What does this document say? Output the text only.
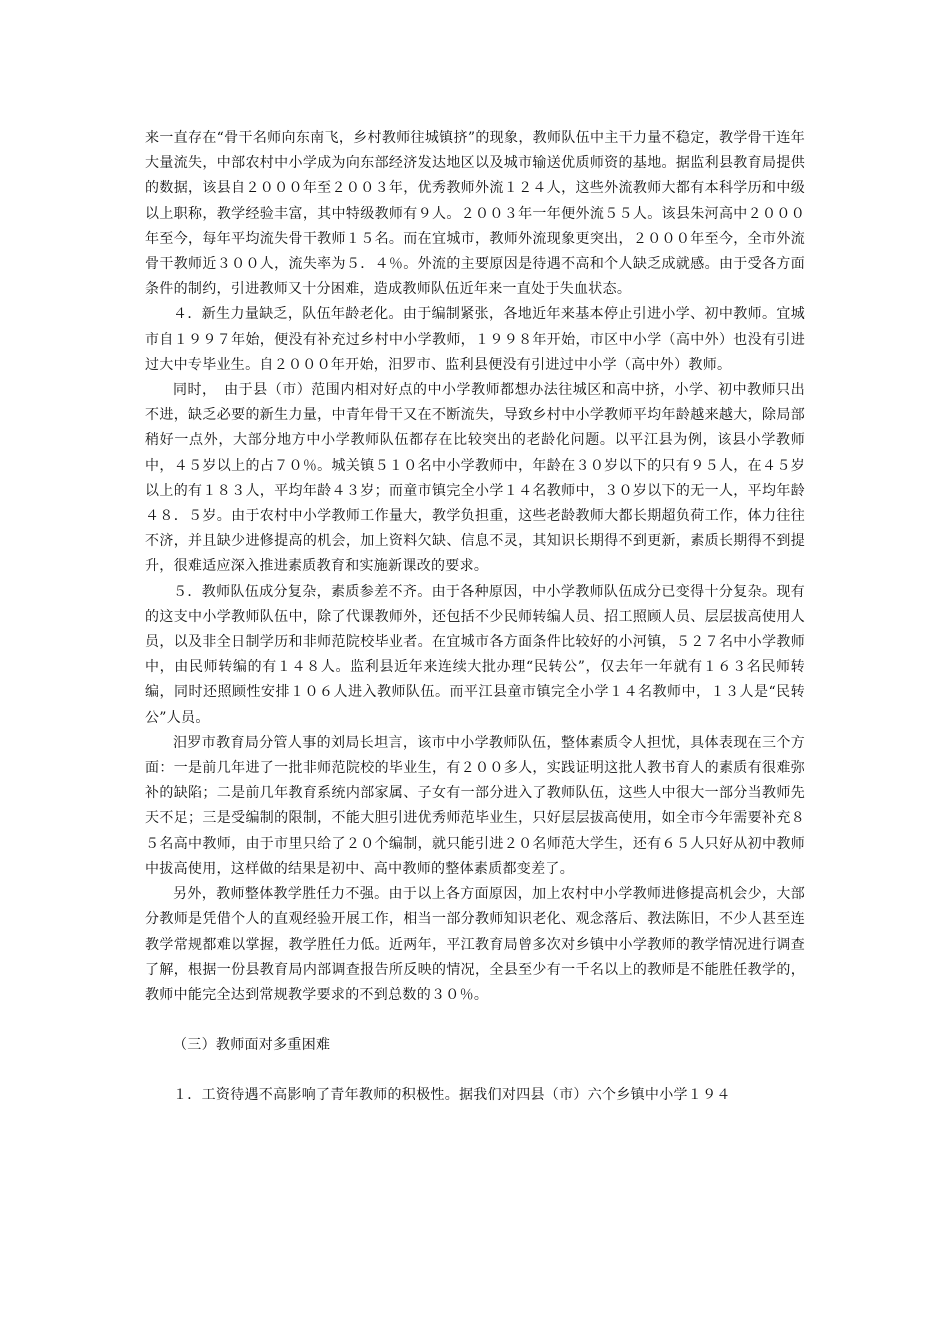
来一直存在“骨干名师向东南飞，乡村教师往城镇挤”的现象，教师队伍中主干力量不稳定，教学骨干连年大量流失，中部农村中小学成为向东部经济发达地区以及城市输送优质师资的基地。据监利县教育局提供的数据，该县自２０００年至２００３年，优秀教师外流１２４人，这些外流教师大都有本科学历和中级以上职称，教学经验丰富，其中特级教师有９人。２００３年一年便外流５５人。该县朱河高中２０００年至今，每年平均流失骨干教师１５名。而在宜城市，教师外流现象更突出，２０００年至今，全市外流骨干教师近３００人，流失率为５．４％。外流的主要原因是待遇不高和个人缺乏成就感。由于受各方面条件的制约，引进教师又十分困难，造成教师队伍近年来一直处于失血状态。

４．新生力量缺乏，队伍年龄老化。由于编制紧张，各地近年来基本停止引进小学、初中教师。宜城市自１９９７年始，便没有补充过乡村中小学教师，１９９８年开始，市区中小学（高中外）也没有引进过大中专毕业生。自２０００年开始，汨罗市、监利县便没有引进过中小学（高中外）教师。

同时，　由于县（市）范围内相对好点的中小学教师都想办法往城区和高中挤，小学、初中教师只出不进，缺乏必要的新生力量，中青年骨干又在不断流失，导致乡村中小学教师平均年龄越来越大，除局部稍好一点外，大部分地方中小学教师队伍都存在比较突出的老龄化问题。以平江县为例，该县小学教师中，４５岁以上的占７０％。城关镇５１０名中小学教师中，年龄在３０岁以下的只有９５人，在４５岁以上的有１８３人，平均年龄４３岁；而童市镇完全小学１４名教师中，３０岁以下的无一人，平均年龄４８．５岁。由于农村中小学教师工作量大，教学负担重，这些老龄教师大都长期超负荷工作，体力往往不济，并且缺少进修提高的机会，加上资料欠缺、信息不灵，其知识长期得不到更新，素质长期得不到提升，很难适应深入推进素质教育和实施新课改的要求。

５．教师队伍成分复杂，素质参差不齐。由于各种原因，中小学教师队伍成分已变得十分复杂。现有的这支中小学教师队伍中，除了代课教师外，还包括不少民师转编人员、招工照顾人员、层层拔高使用人员，以及非全日制学历和非师范院校毕业者。在宜城市各方面条件比较好的小河镇，５２７名中小学教师中，由民师转编的有１４８人。监利县近年来连续大批办理“民转公”，仅去年一年就有１６３名民师转编，同时还照顾性安排１０６人进入教师队伍。而平江县童市镇完全小学１４名教师中，１３人是“民转公”人员。

汨罗市教育局分管人事的刘局长坦言，该市中小学教师队伍，整体素质令人担忧，具体表现在三个方面：一是前几年进了一批非师范院校的毕业生，有２００多人，实践证明这批人教书育人的素质有很难弥补的缺陷；二是前几年教育系统内部家属、子女有一部分进入了教师队伍，这些人中很大一部分当教师先天不足；三是受编制的限制，不能大胆引进优秀师范毕业生，只好层层拔高使用，如全市今年需要补充８５名高中教师，由于市里只给了２０个编制，就只能引进２０名师范大学生，还有６５人只好从初中教师中拔高使用，这样做的结果是初中、高中教师的整体素质都变差了。

另外，教师整体教学胜任力不强。由于以上各方面原因，加上农村中小学教师进修提高机会少，大部分教师是凭借个人的直观经验开展工作，相当一部分教师知识老化、观念落后、教法陈旧，不少人甚至连教学常规都难以掌握，教学胜任力低。近两年，平江教育局曾多次对乡镇中小学教师的教学情况进行调查了解，根据一份县教育局内部调查报告所反映的情况，全县至少有一千名以上的教师是不能胜任教学的，教师中能完全达到常规教学要求的不到总数的３０％。

（三）教师面对多重困难

１．工资待遇不高影响了青年教师的积极性。据我们对四县（市）六个乡镇中小学１９４
